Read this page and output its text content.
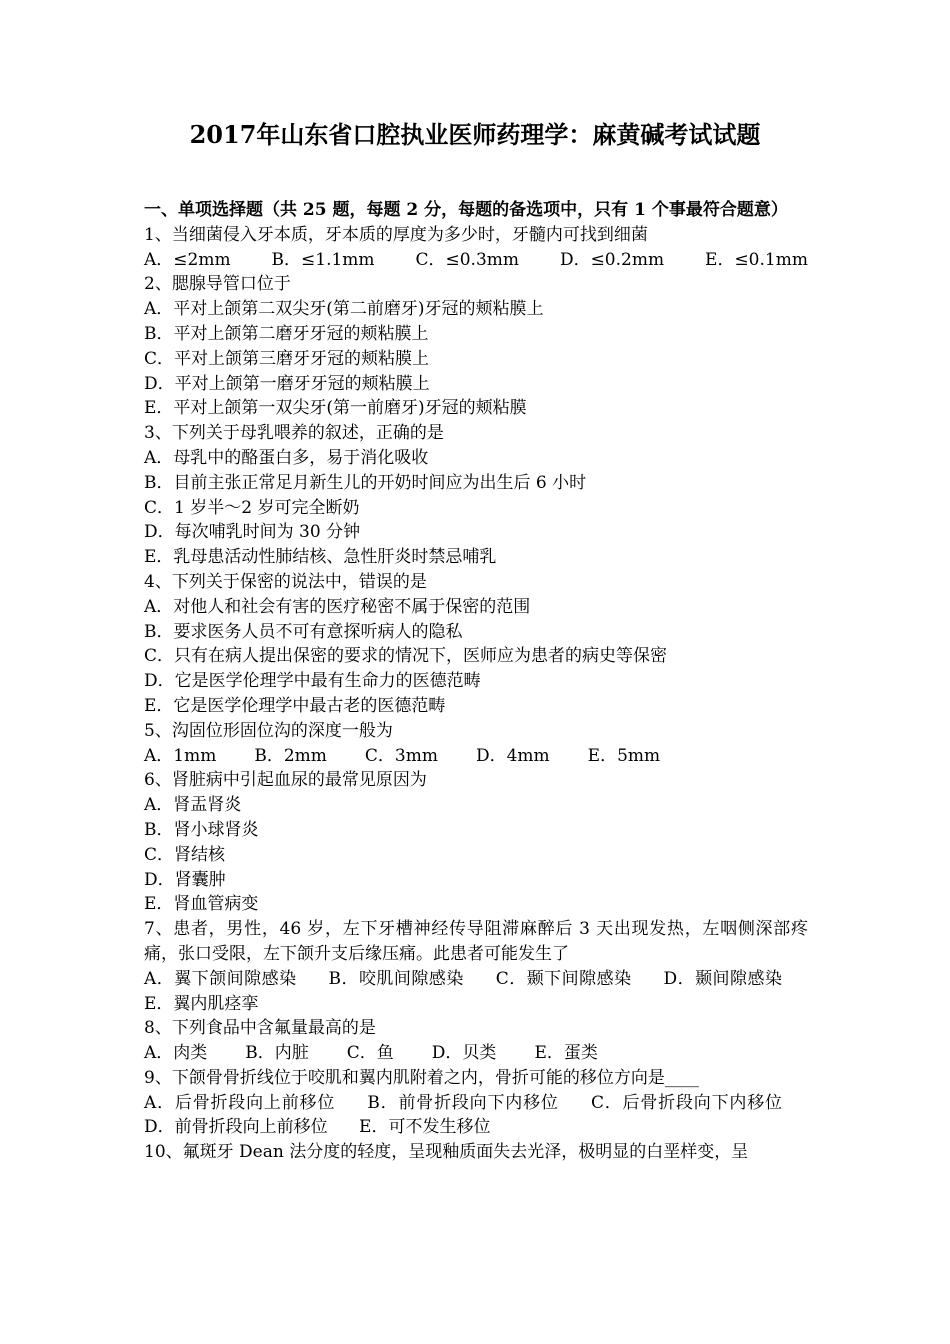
2017年山东省口腔执业医师药理学：麻黄碱考试试题

一、单项选择题（共 25 题，每题 2 分，每题的备选项中，只有 1 个事最符合题意）

1、当细菌侵入牙本质，牙本质的厚度为多少时，牙髓内可找到细菌

A．≤2mm B．≤1.1mm C．≤0.3mm D．≤0.2mm E．≤0.1mm

2、腮腺导管口位于

A．平对上颌第二双尖牙(第二前磨牙)牙冠的颊粘膜上

B．平对上颌第二磨牙牙冠的颊粘膜上

C．平对上颌第三磨牙牙冠的颊粘膜上

D．平对上颌第一磨牙牙冠的颊粘膜上

E．平对上颌第一双尖牙(第一前磨牙)牙冠的颊粘膜

3、下列关于母乳喂养的叙述，正确的是

A．母乳中的酪蛋白多，易于消化吸收

B．目前主张正常足月新生儿的开奶时间应为出生后 6 小时

C．1 岁半～2 岁可完全断奶

D．每次哺乳时间为 30 分钟

E．乳母患活动性肺结核、急性肝炎时禁忌哺乳

4、下列关于保密的说法中，错误的是

A．对他人和社会有害的医疗秘密不属于保密的范围

B．要求医务人员不可有意探听病人的隐私

C．只有在病人提出保密的要求的情况下，医师应为患者的病史等保密

D．它是医学伦理学中最有生命力的医德范畴

E．它是医学伦理学中最古老的医德范畴

5、沟固位形固位沟的深度一般为

A．1mm B．2mm C．3mm D．4mm E．5mm

6、肾脏病中引起血尿的最常见原因为

A．肾盂肾炎

B．肾小球肾炎

C．肾结核

D．肾囊肿

E．肾血管病变

7、患者，男性，46 岁，左下牙槽神经传导阻滞麻醉后 3 天出现发热，左咽侧深部疼痛，张口受限，左下颌升支后缘压痛。此患者可能发生了

A．翼下颌间隙感染 B．咬肌间隙感染 C．颞下间隙感染 D．颞间隙感染 E．翼内肌痉挛

8、下列食品中含氟量最高的是

A．肉类 B．内脏 C．鱼 D．贝类 E．蛋类

9、下颌骨骨折线位于咬肌和翼内肌附着之内，骨折可能的移位方向是____

A．后骨折段向上前移位 B．前骨折段向下内移位 C．后骨折段向下内移位 D．前骨折段向上前移位 E．可不发生移位

10、氟斑牙 Dean 法分度的轻度，呈现釉质面失去光泽，极明显的白垩样变，呈
